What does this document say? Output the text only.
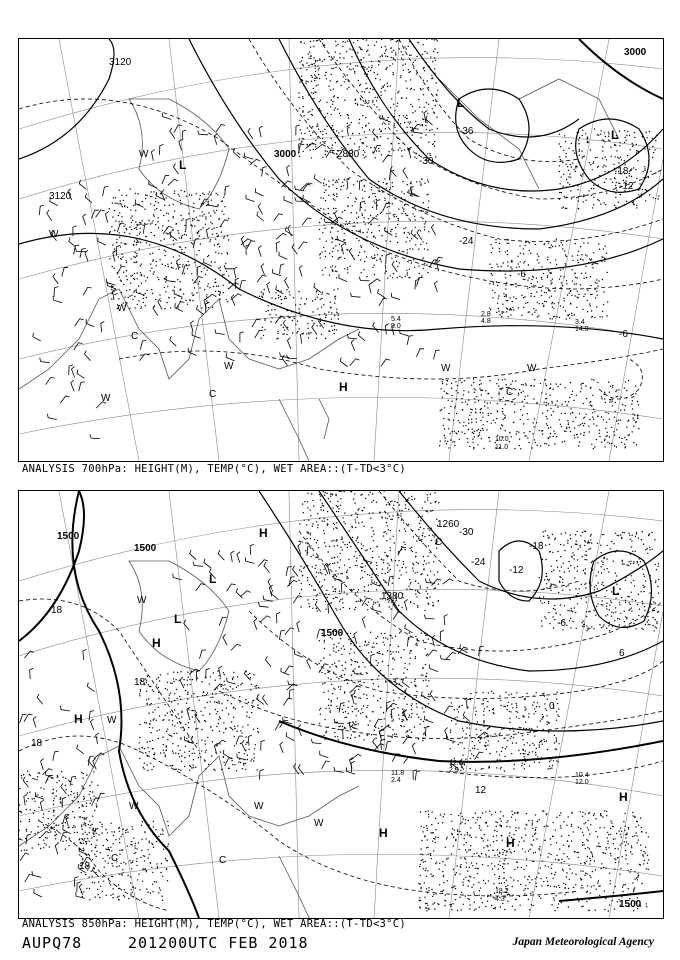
3120
3120
3000
2880
3000
-6
-12
-18
-24
-30
-36
-6
L
L
L
H
W
W
W
W
W
C
C	C
W	W
10.0
11.0
3.4
14.0
2.8
4.8
5.4
9.0
ANALYSIS 700hPa: HEIGHT(M), TEMP(°C), WET AREA::(T-TD<3°C)
1500
1500
1380
1500
1260
1500
18
18
18
18
12
6
0
-6
-12
-18
-24
-30
L
L
L
H
H
H
H
H
H
W
W
W	W
W
C	C
C
10.4
12.0
18.2
4.3
12.0
2.9
11.8
2.4
ANALYSIS 850hPa: HEIGHT(M), TEMP(°C), WET AREA::(T-TD<3°C)
AUPQ78	201200UTC FEB 2018	Japan Meteorological Agency
